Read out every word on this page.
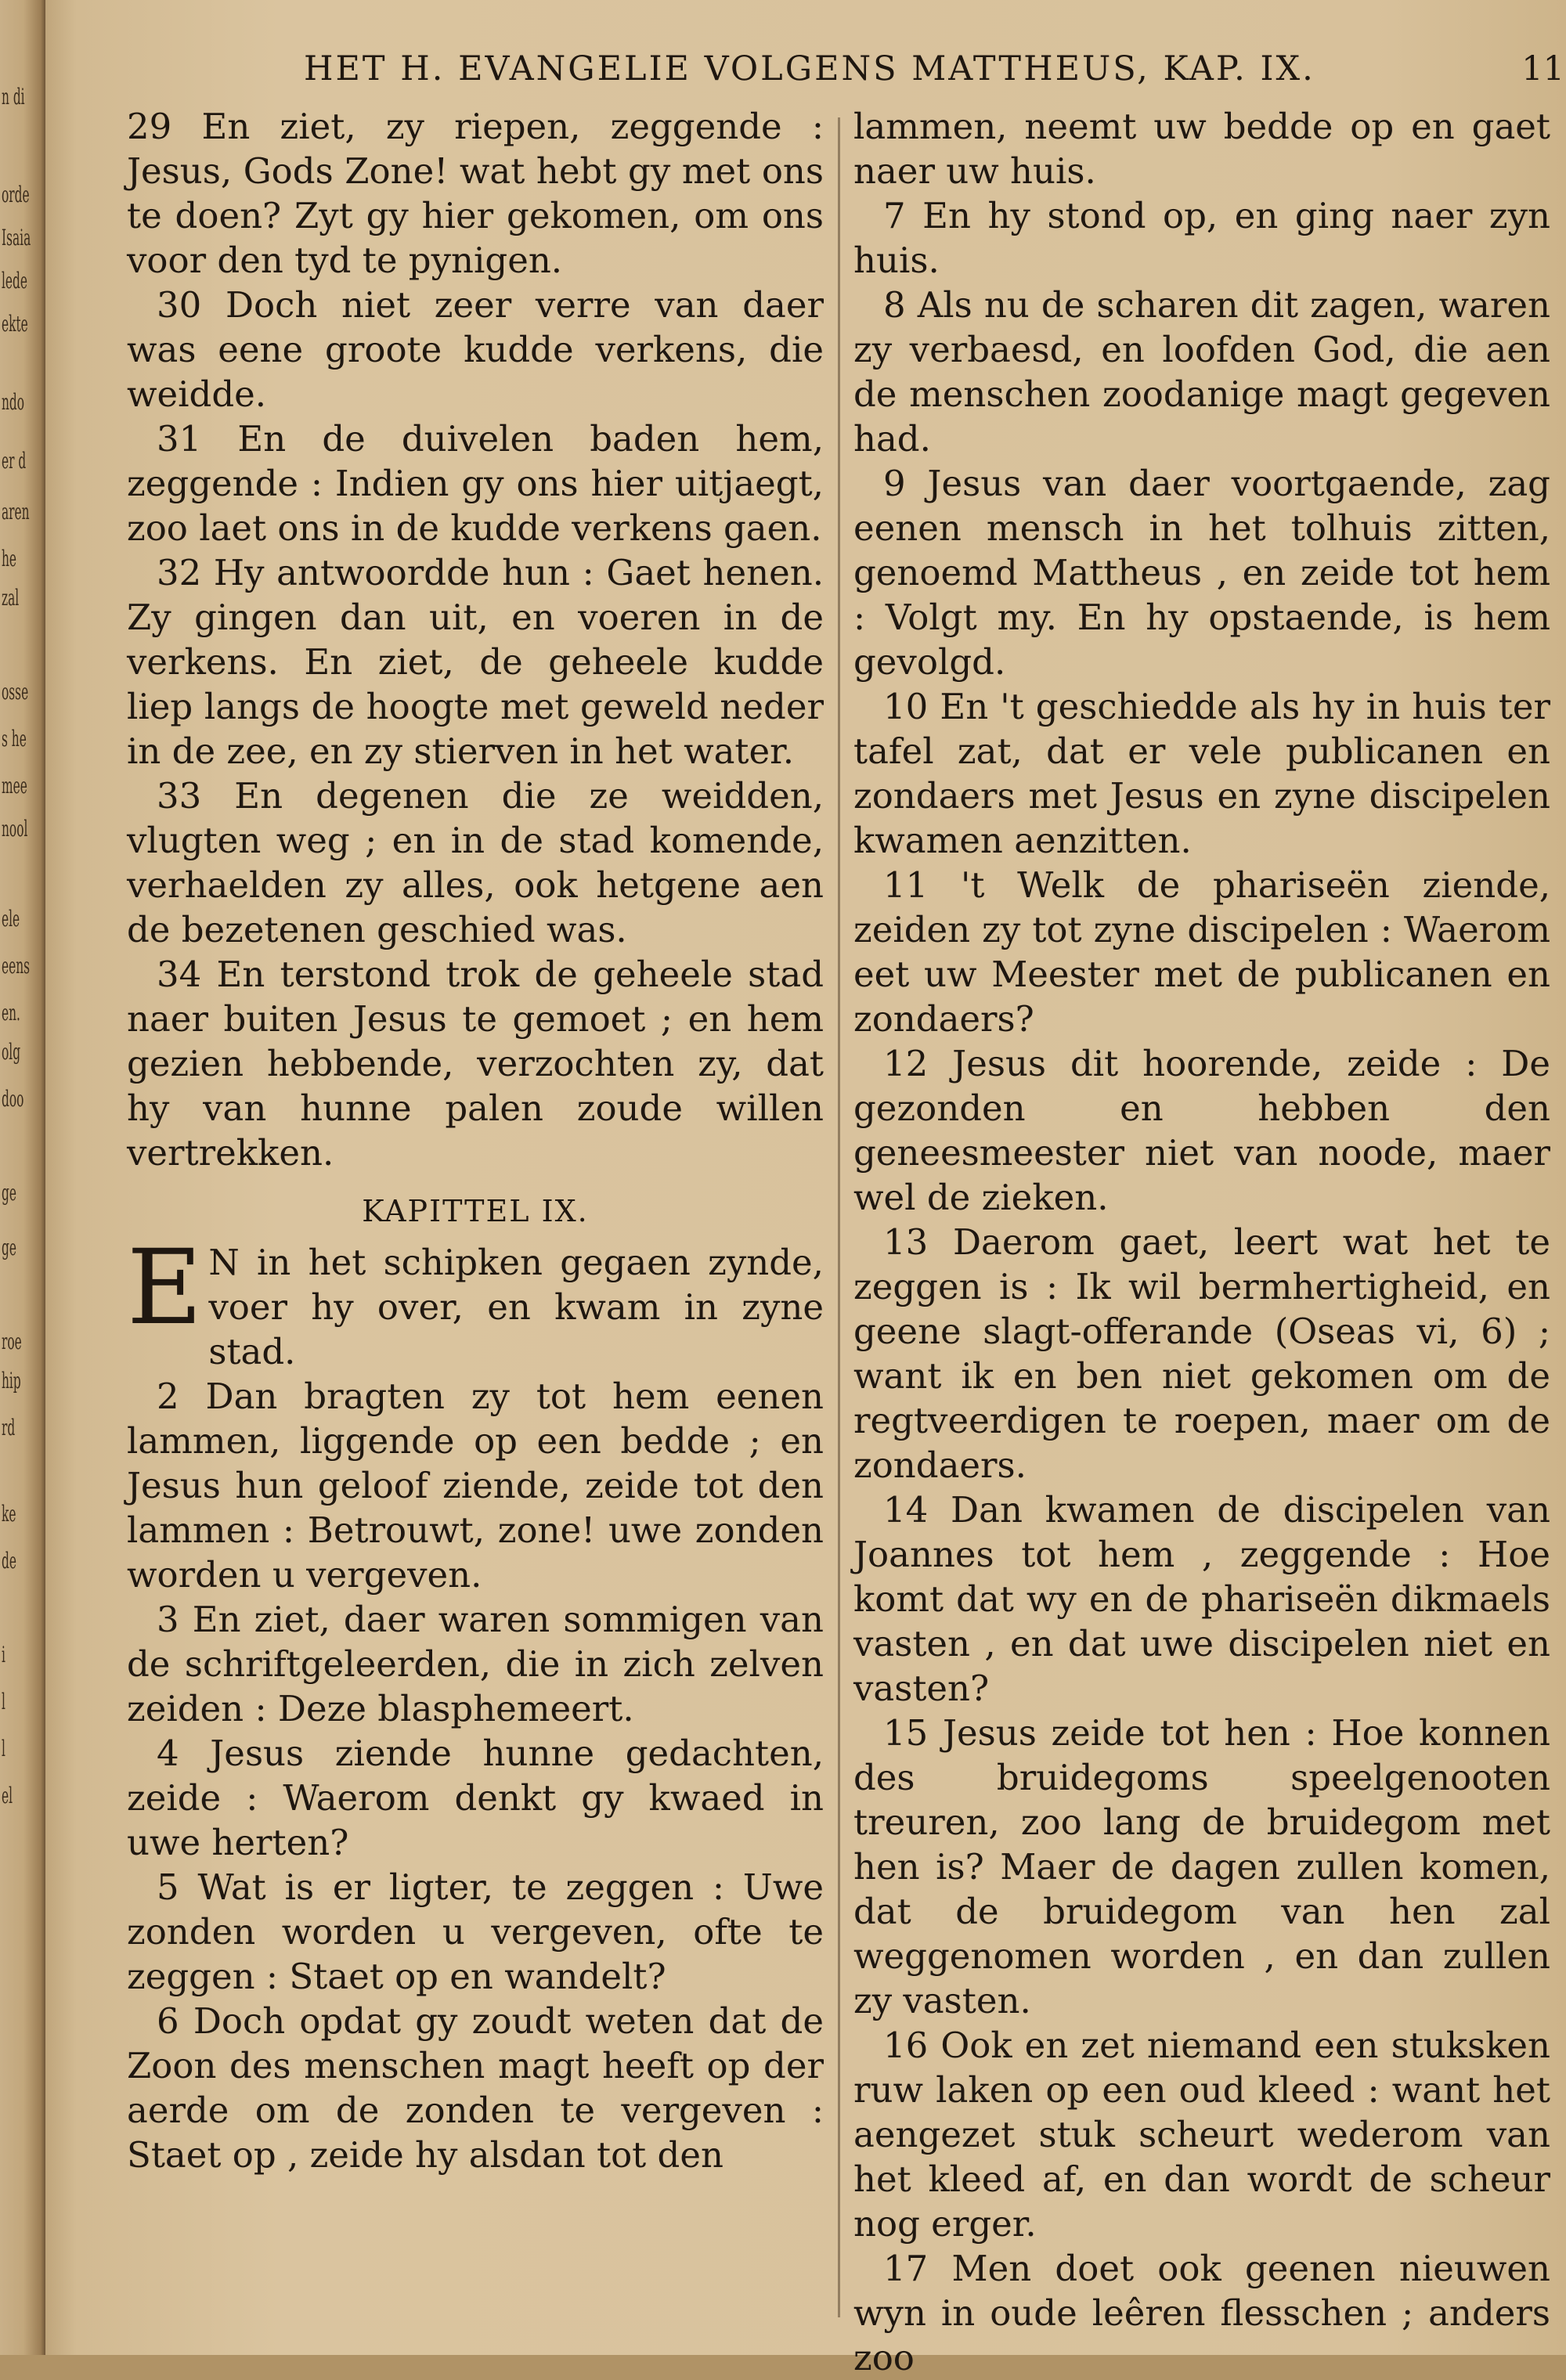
HET H. EVANGELIE VOLGENS MATTHEUS, KAP. IX.	11

29 En ziet, zy riepen, zeggende : Jesus, Gods Zone! wat hebt gy met ons te doen? Zyt gy hier gekomen, om ons voor den tyd te pynigen.

30 Doch niet zeer verre van daer was eene groote kudde verkens, die weidde.

31 En de duivelen baden hem, zeggende : Indien gy ons hier uitjaegt, zoo laet ons in de kudde verkens gaen.

32 Hy antwoordde hun : Gaet henen. Zy gingen dan uit, en voeren in de verkens. En ziet, de geheele kudde liep langs de hoogte met geweld neder in de zee, en zy stierven in het water.

33 En degenen die ze weidden, vlugten weg ; en in de stad komende, verhaelden zy alles, ook hetgene aen de bezetenen geschied was.

34 En terstond trok de geheele stad naer buiten Jesus te gemoet ; en hem gezien hebbende, verzochten zy, dat hy van hunne palen zoude willen vertrekken.

KAPITTEL IX.

E N in het schipken gegaen zynde, voer hy over, en kwam in zyne stad.

2 Dan bragten zy tot hem eenen lammen, liggende op een bedde ; en Jesus hun geloof ziende, zeide tot den lammen : Betrouwt, zone! uwe zonden worden u vergeven.

3 En ziet, daer waren sommigen van de schriftgeleerden, die in zich zelven zeiden : Deze blasphemeert.

4 Jesus ziende hunne gedachten, zeide : Waerom denkt gy kwaed in uwe herten?

5 Wat is er ligter, te zeggen : Uwe zonden worden u vergeven, ofte te zeggen : Staet op en wandelt?

6 Doch opdat gy zoudt weten dat de Zoon des menschen magt heeft op der aerde om de zonden te vergeven : Staet op , zeide hy alsdan tot den

lammen, neemt uw bedde op en gaet naer uw huis.

7 En hy stond op, en ging naer zyn huis.

8 Als nu de scharen dit zagen, waren zy verbaesd, en loofden God, die aen de menschen zoodanige magt gegeven had.

9 Jesus van daer voortgaende, zag eenen mensch in het tolhuis zitten, genoemd Mattheus , en zeide tot hem : Volgt my. En hy opstaende, is hem gevolgd.

10 En 't geschiedde als hy in huis ter tafel zat, dat er vele publicanen en zondaers met Jesus en zyne discipelen kwamen aenzitten.

11 't Welk de phariseën ziende, zeiden zy tot zyne discipelen : Waerom eet uw Meester met de publicanen en zondaers?

12 Jesus dit hoorende, zeide : De gezonden en hebben den geneesmeester niet van noode, maer wel de zieken.

13 Daerom gaet, leert wat het te zeggen is : Ik wil bermhertigheid, en geene slagt-offerande (Oseas vi, 6) ; want ik en ben niet gekomen om de regtveerdigen te roepen, maer om de zondaers.

14 Dan kwamen de discipelen van Joannes tot hem , zeggende : Hoe komt dat wy en de phariseën dikmaels vasten , en dat uwe discipelen niet en vasten?

15 Jesus zeide tot hen : Hoe konnen des bruidegoms speelgenooten treuren, zoo lang de bruidegom met hen is? Maer de dagen zullen komen, dat de bruidegom van hen zal weggenomen worden , en dan zullen zy vasten.

16 Ook en zet niemand een stuksken ruw laken op een oud kleed : want het aengezet stuk scheurt wederom van het kleed af, en dan wordt de scheur nog erger.

17 Men doet ook geenen nieuwen wyn in oude leêren flesschen ; anders zoo

n di
orde
Isaia
lede
ekte
ndo
er d
aren
he
zal
osse
s he
mee
nool
ele
eens
en.
olg
doo
ge
ge
roe
hip
rd
ke
de
i
l
l
el
